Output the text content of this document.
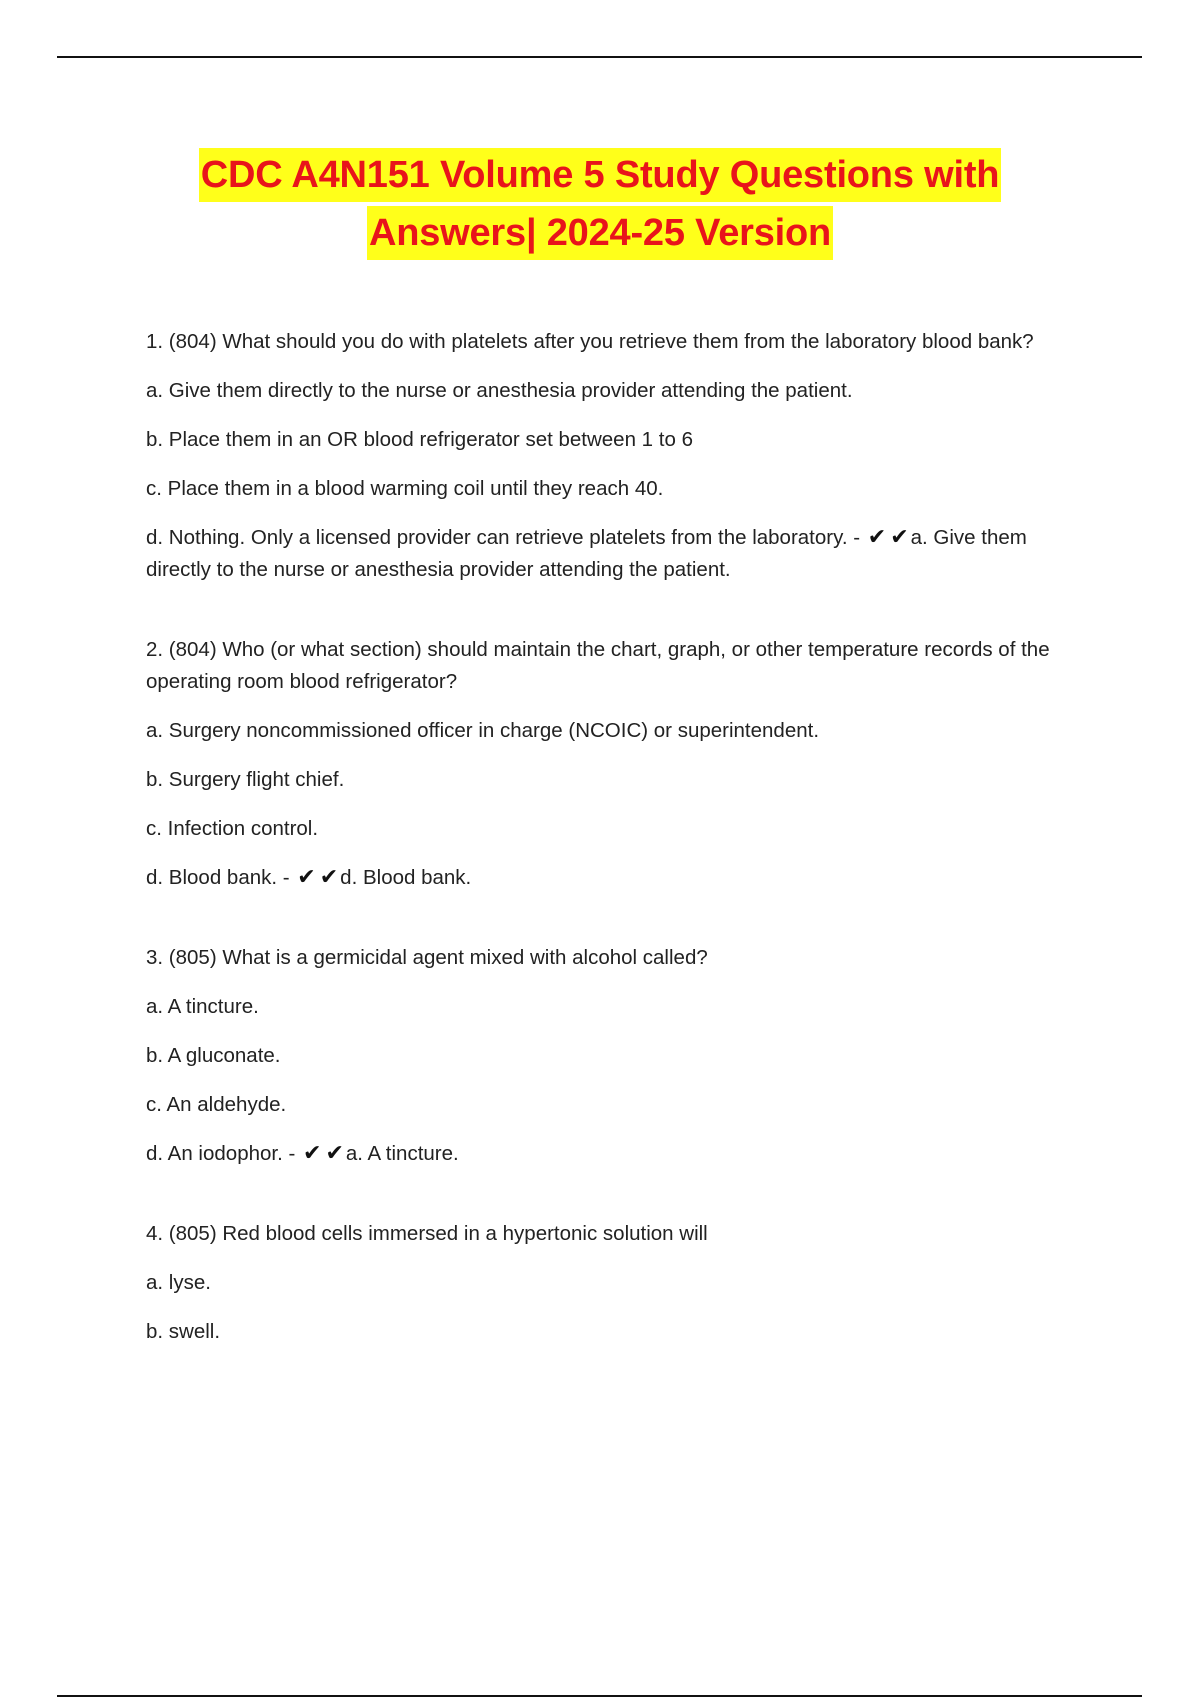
CDC A4N151 Volume 5 Study Questions with
Answers| 2024-25 Version

1. (804) What should you do with platelets after you retrieve them from the laboratory blood bank?

a. Give them directly to the nurse or anesthesia provider attending the patient.

b. Place them in an OR blood refrigerator set between 1 to 6

c. Place them in a blood warming coil until they reach 40.

d. Nothing. Only a licensed provider can retrieve platelets from the laboratory. - ✔ ✔a. Give them directly to the nurse or anesthesia provider attending the patient.

2. (804) Who (or what section) should maintain the chart, graph, or other temperature records of the operating room blood refrigerator?

a. Surgery noncommissioned officer in charge (NCOIC) or superintendent.

b. Surgery flight chief.

c. Infection control.

d. Blood bank. - ✔ ✔d. Blood bank.

3. (805) What is a germicidal agent mixed with alcohol called?

a. A tincture.

b. A gluconate.

c. An aldehyde.

d. An iodophor. - ✔ ✔a. A tincture.

4. (805) Red blood cells immersed in a hypertonic solution will

a. lyse.

b. swell.
